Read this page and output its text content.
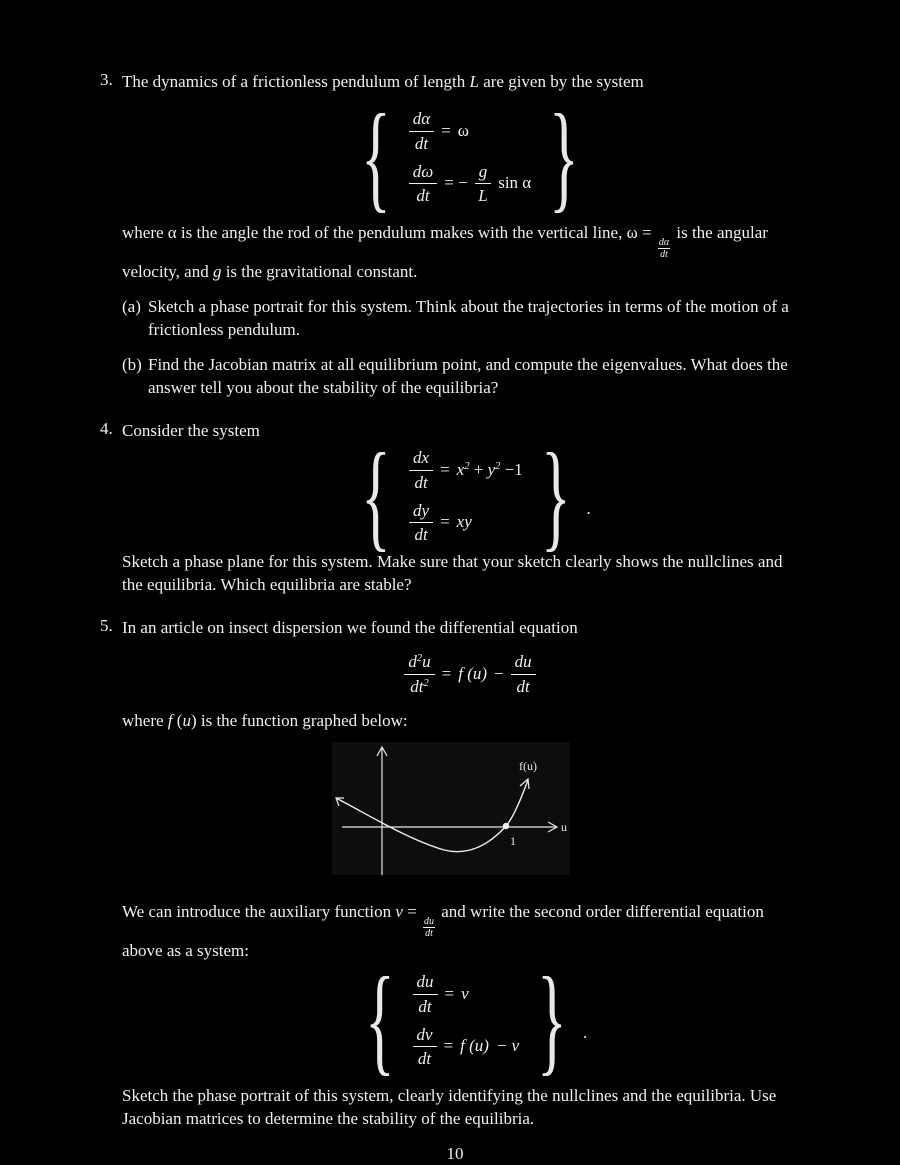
3. The dynamics of a frictionless pendulum of length L are given by the system
{ $\frac{d\alpha}{dt} = \omega$
$\frac{d\omega}{dt}$ = − $\frac{g}{L}$ sin α }
where α is the angle the rod of the pendulum makes with the vertical line, ω =
$\frac{d\alpha}{dt}$
is the angular
velocity, and g is the gravitational constant.
(a) Sketch a phase portrait for this system. Think about the trajectories in terms of the motion of a
frictionless pendulum.
(b) Find the Jacobian matrix at all equilibrium point, and compute the eigenvalues. What does the
answer tell you about the stability of the equilibria?
4. Consider the system { $\frac{dx}{dt} = x^2 + y^2 -1$
$\frac{dy}{dt}$ = xy } .
Sketch a phase plane for this system. Make sure that your sketch clearly shows the nullclines and
the equilibria. Which equilibria are stable?
5. In an article on insect dispersion we found the differential equation
$\frac{d^2u}{dt^2} = f$ $(u) - \frac{du}{dt}$
where f (u) is the function graphed below:
1
u
f(u)
We can introduce the auxiliary function v =
$\frac{du}{dt}$
and write the second order differential equation
above as a system:
{ $\frac{du}{dt} = v$
$\frac{dv}{dt} = f$ (u) − v } .
Sketch the phase portrait of this system, clearly identifying the nullclines and the equilibria. Use
Jacobian matrices to determine the stability of the equilibria.
10
